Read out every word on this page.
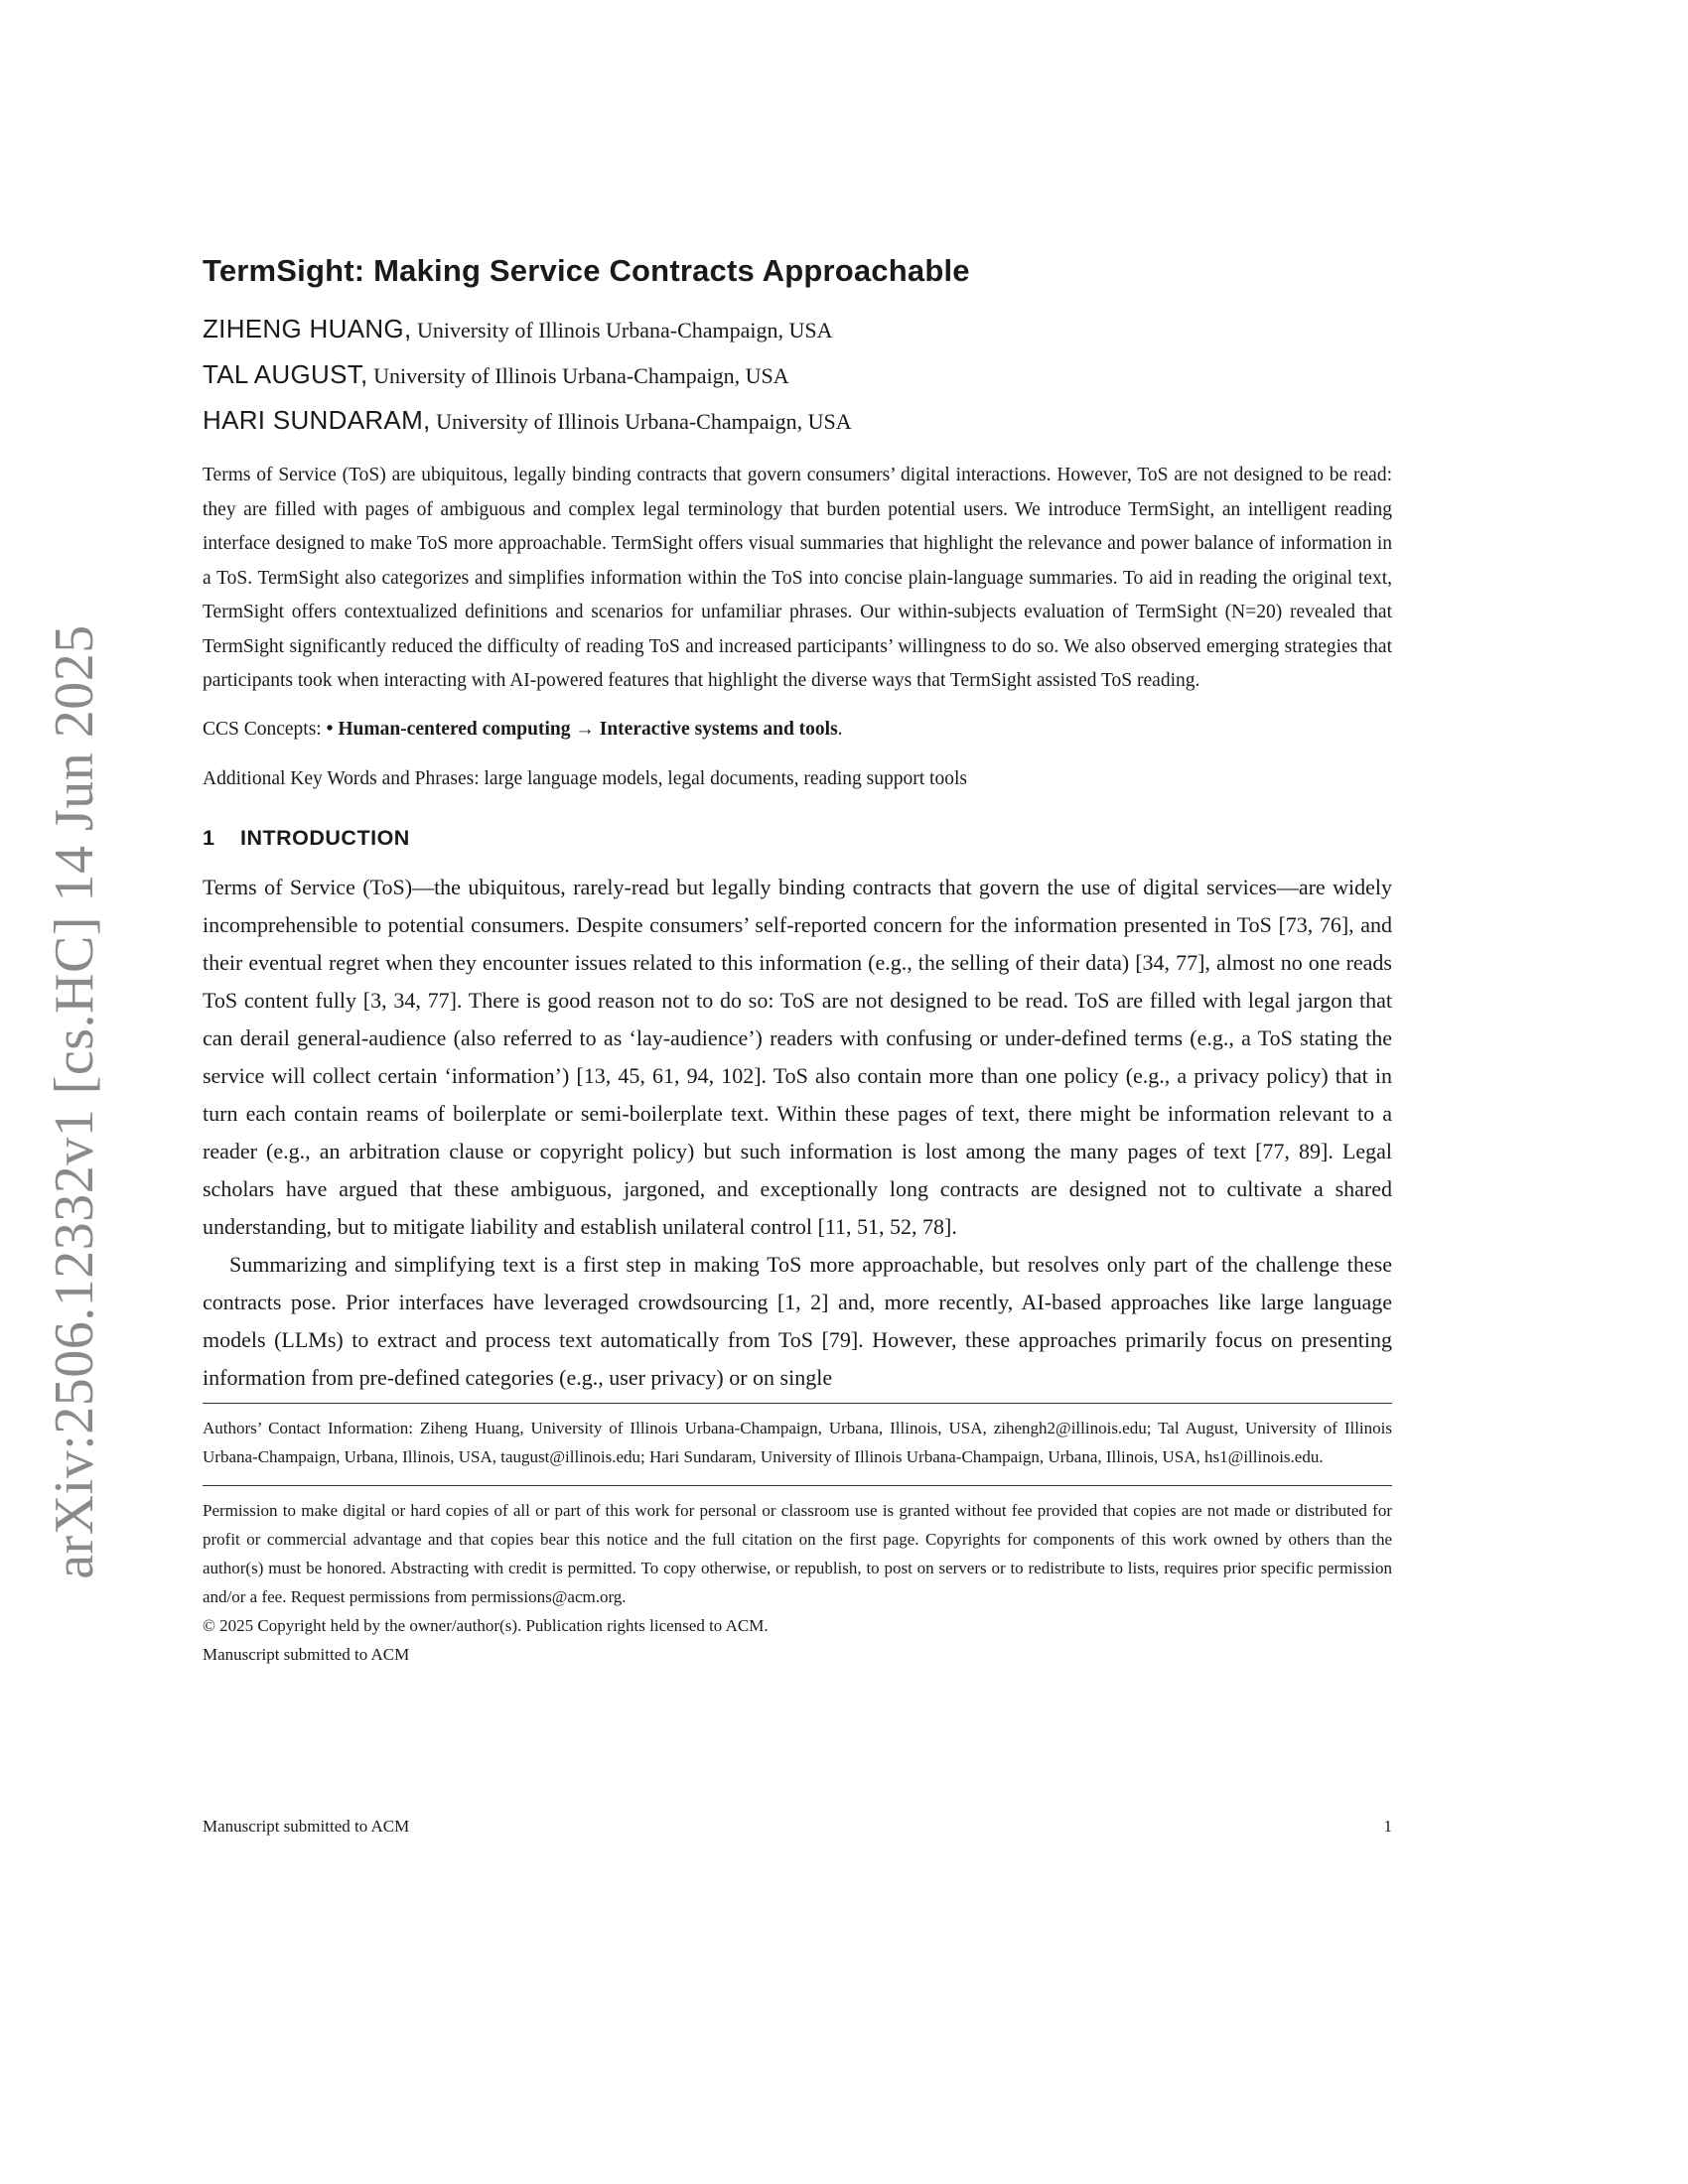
arXiv:2506.12332v1 [cs.HC] 14 Jun 2025
TermSight: Making Service Contracts Approachable

ZIHENG HUANG, University of Illinois Urbana-Champaign, USA

TAL AUGUST, University of Illinois Urbana-Champaign, USA

HARI SUNDARAM, University of Illinois Urbana-Champaign, USA

Terms of Service (ToS) are ubiquitous, legally binding contracts that govern consumers’ digital interactions. However, ToS are not designed to be read: they are filled with pages of ambiguous and complex legal terminology that burden potential users. We introduce TermSight, an intelligent reading interface designed to make ToS more approachable. TermSight offers visual summaries that highlight the relevance and power balance of information in a ToS. TermSight also categorizes and simplifies information within the ToS into concise plain-language summaries. To aid in reading the original text, TermSight offers contextualized definitions and scenarios for unfamiliar phrases. Our within-subjects evaluation of TermSight (N=20) revealed that TermSight significantly reduced the difficulty of reading ToS and increased participants’ willingness to do so. We also observed emerging strategies that participants took when interacting with AI-powered features that highlight the diverse ways that TermSight assisted ToS reading.

CCS Concepts: • Human-centered computing → Interactive systems and tools.

Additional Key Words and Phrases: large language models, legal documents, reading support tools

1 INTRODUCTION

Terms of Service (ToS)—the ubiquitous, rarely-read but legally binding contracts that govern the use of digital services—are widely incomprehensible to potential consumers. Despite consumers’ self-reported concern for the information presented in ToS [73, 76], and their eventual regret when they encounter issues related to this information (e.g., the selling of their data) [34, 77], almost no one reads ToS content fully [3, 34, 77]. There is good reason not to do so: ToS are not designed to be read. ToS are filled with legal jargon that can derail general-audience (also referred to as ‘lay-audience’) readers with confusing or under-defined terms (e.g., a ToS stating the service will collect certain ‘information’) [13, 45, 61, 94, 102]. ToS also contain more than one policy (e.g., a privacy policy) that in turn each contain reams of boilerplate or semi-boilerplate text. Within these pages of text, there might be information relevant to a reader (e.g., an arbitration clause or copyright policy) but such information is lost among the many pages of text [77, 89]. Legal scholars have argued that these ambiguous, jargoned, and exceptionally long contracts are designed not to cultivate a shared understanding, but to mitigate liability and establish unilateral control [11, 51, 52, 78].

Summarizing and simplifying text is a first step in making ToS more approachable, but resolves only part of the challenge these contracts pose. Prior interfaces have leveraged crowdsourcing [1, 2] and, more recently, AI-based approaches like large language models (LLMs) to extract and process text automatically from ToS [79]. However, these approaches primarily focus on presenting information from pre-defined categories (e.g., user privacy) or on single

Authors’ Contact Information: Ziheng Huang, University of Illinois Urbana-Champaign, Urbana, Illinois, USA, zihengh2@illinois.edu; Tal August, University of Illinois Urbana-Champaign, Urbana, Illinois, USA, taugust@illinois.edu; Hari Sundaram, University of Illinois Urbana-Champaign, Urbana, Illinois, USA, hs1@illinois.edu.

Permission to make digital or hard copies of all or part of this work for personal or classroom use is granted without fee provided that copies are not made or distributed for profit or commercial advantage and that copies bear this notice and the full citation on the first page. Copyrights for components of this work owned by others than the author(s) must be honored. Abstracting with credit is permitted. To copy otherwise, or republish, to post on servers or to redistribute to lists, requires prior specific permission and/or a fee. Request permissions from permissions@acm.org.

© 2025 Copyright held by the owner/author(s). Publication rights licensed to ACM.

Manuscript submitted to ACM

Manuscript submitted to ACM	1
